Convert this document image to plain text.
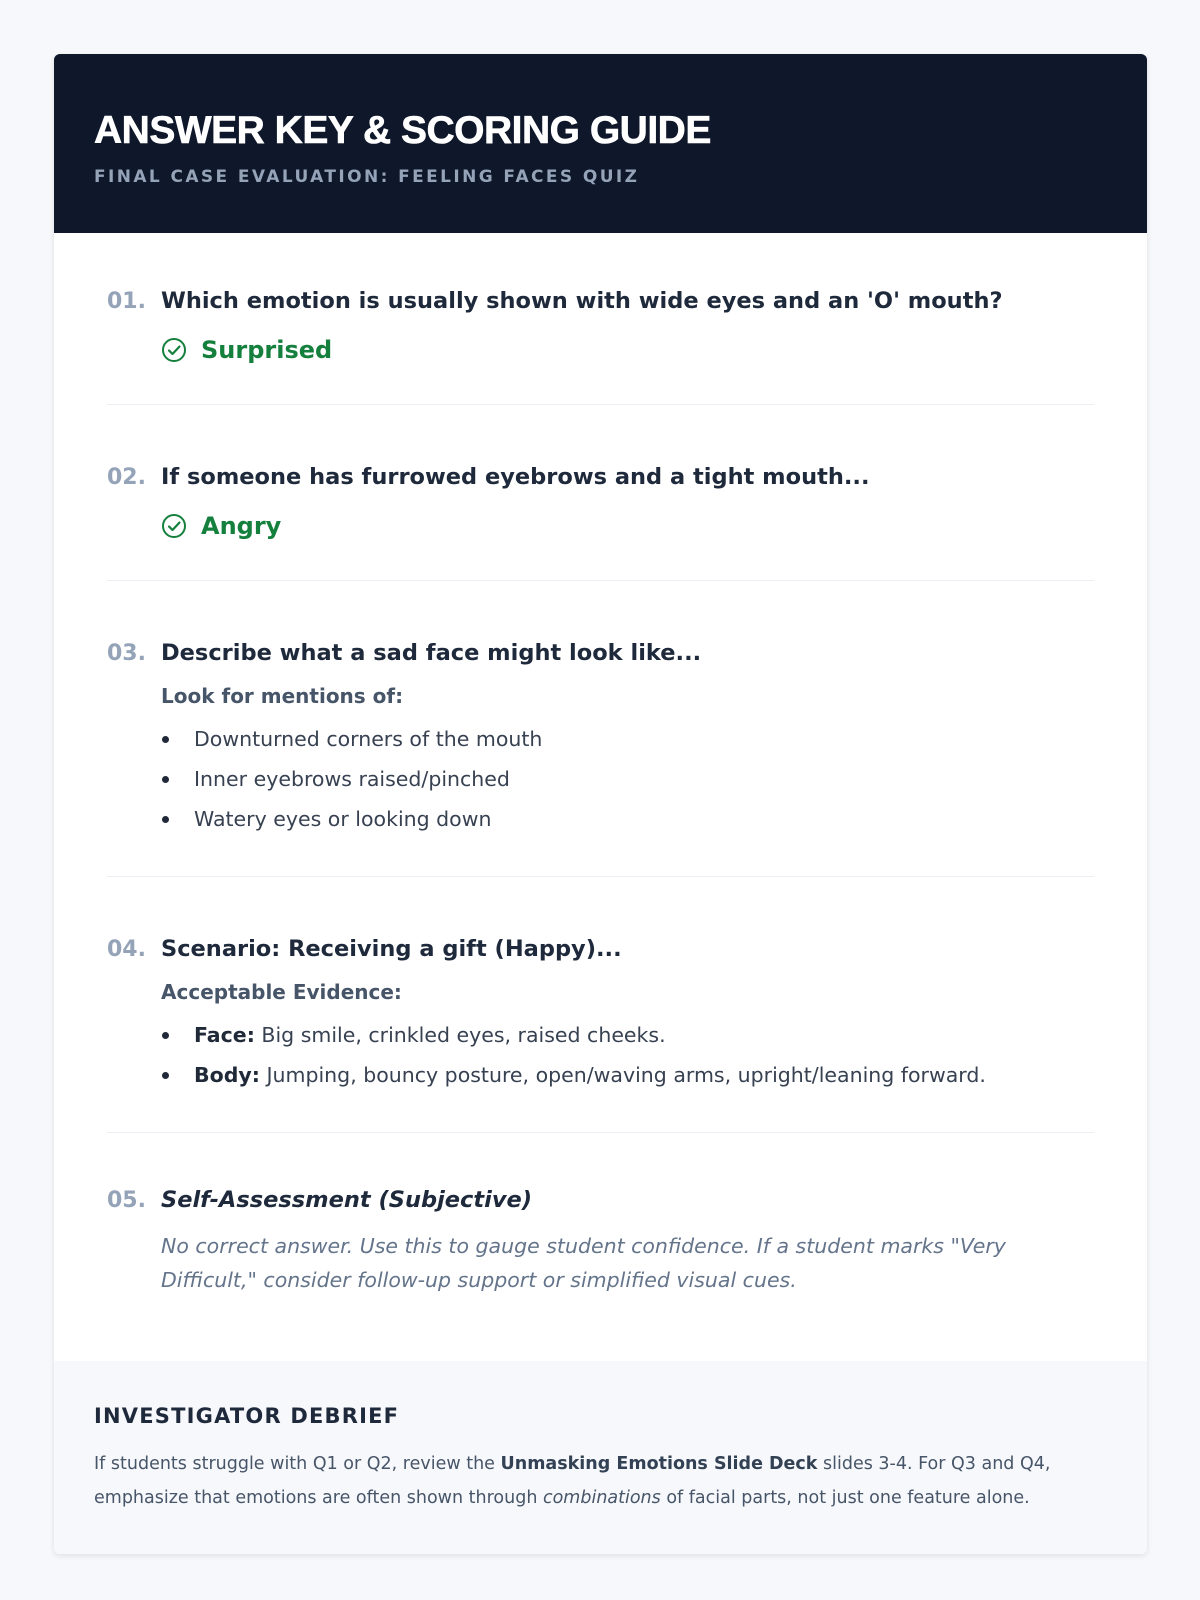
ANSWER KEY & SCORING GUIDE
FINAL CASE EVALUATION: FEELING FACES QUIZ
01. Which emotion is usually shown with wide eyes and an 'O' mouth?
Surprised
02. If someone has furrowed eyebrows and a tight mouth...
Angry
03. Describe what a sad face might look like...
Look for mentions of:
Downturned corners of the mouth
Inner eyebrows raised/pinched
Watery eyes or looking down
04. Scenario: Receiving a gift (Happy)...
Acceptable Evidence:
Face: Big smile, crinkled eyes, raised cheeks.
Body: Jumping, bouncy posture, open/waving arms, upright/leaning forward.
05. Self-Assessment (Subjective)
No correct answer. Use this to gauge student confidence. If a student marks "Very Difficult," consider follow-up support or simplified visual cues.
INVESTIGATOR DEBRIEF
If students struggle with Q1 or Q2, review the Unmasking Emotions Slide Deck slides 3-4. For Q3 and Q4, emphasize that emotions are often shown through combinations of facial parts, not just one feature alone.
